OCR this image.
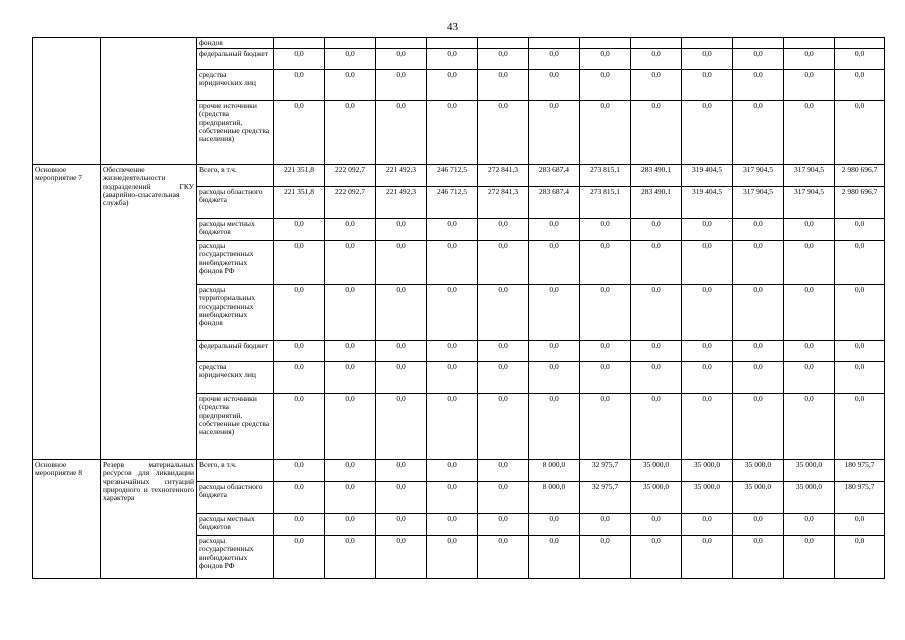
43
		фондов												
		федеральный бюджет	0,0	0,0	0,0	0,0	0,0	0,0	0,0	0,0	0,0	0,0	0,0	0,0
		средства юридических лиц	0,0	0,0	0,0	0,0	0,0	0,0	0,0	0,0	0,0	0,0	0,0	0,0
		прочие источники (средства предприятий, собственные средства населения)	0,0	0,0	0,0	0,0	0,0	0,0	0,0	0,0	0,0	0,0	0,0	0,0
Основное мероприятие 7	Обеспечение жизнедеятельности подразделений ГКУ (аварийно-спасательная служба)	Всего, в т.ч.	221 351,8	222 092,7	221 492,3	246 712,5	272 841,3	283 687,4	273 815,1	283 490,1	319 404,5	317 904,5	317 904,5	2 980 696,7
		расходы областного бюджета	221 351,8	222 092,7	221 492,3	246 712,5	272 841,3	283 687,4	273 815,1	283 490,1	319 404,5	317 904,5	317 904,5	2 980 696,7
		расходы местных бюджетов	0,0	0,0	0,0	0,0	0,0	0,0	0,0	0,0	0,0	0,0	0,0	0,0
		расходы государственных внебюджетных фондов РФ	0,0	0,0	0,0	0,0	0,0	0,0	0,0	0,0	0,0	0,0	0,0	0,0
		расходы территориальных государственных внебюджетных фондов	0,0	0,0	0,0	0,0	0,0	0,0	0,0	0,0	0,0	0,0	0,0	0,0
		федеральный бюджет	0,0	0,0	0,0	0,0	0,0	0,0	0,0	0,0	0,0	0,0	0,0	0,0
		средства юридических лиц	0,0	0,0	0,0	0,0	0,0	0,0	0,0	0,0	0,0	0,0	0,0	0,0
		прочие источники (средства предприятий, собственные средства населения)	0,0	0,0	0,0	0,0	0,0	0,0	0,0	0,0	0,0	0,0	0,0	0,0
Основное мероприятие 8	Резерв материальных ресурсов для ликвидации чрезвычайных ситуаций природного и техногенного характера	Всего, в т.ч.	0,0	0,0	0,0	0,0	0,0	8 000,0	32 975,7	35 000,0	35 000,0	35 000,0	35 000,0	180 975,7
		расходы областного бюджета	0,0	0,0	0,0	0,0	0,0	8 000,0	32 975,7	35 000,0	35 000,0	35 000,0	35 000,0	180 975,7
		расходы местных бюджетов	0,0	0,0	0,0	0,0	0,0	0,0	0,0	0,0	0,0	0,0	0,0	0,0
		расходы государственных внебюджетных фондов РФ	0,0	0,0	0,0	0,0	0,0	0,0	0,0	0,0	0,0	0,0	0,0	0,0
